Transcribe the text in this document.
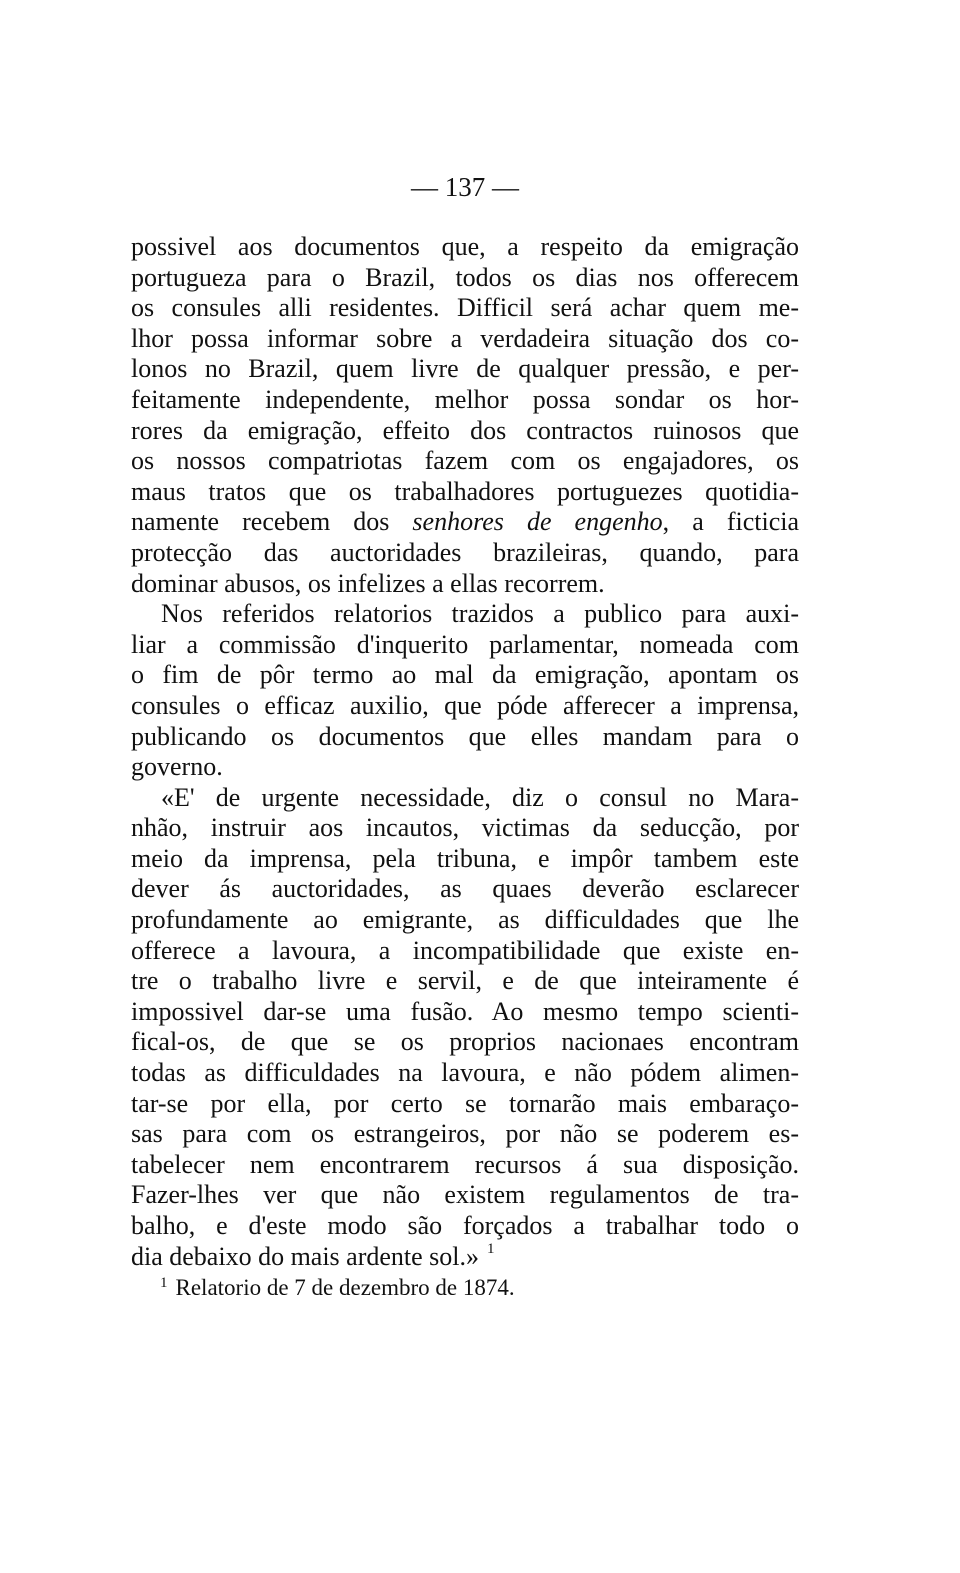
— 137 —
possivel aos documentos que, a respeito da emigração
portugueza para o Brazil, todos os dias nos offerecem
os consules alli residentes. Difficil será achar quem me-
lhor possa informar sobre a verdadeira situação dos co-
lonos no Brazil, quem livre de qualquer pressão, e per-
feitamente independente, melhor possa sondar os hor-
rores da emigração, effeito dos contractos ruinosos que
os nossos compatriotas fazem com os engajadores, os
maus tratos que os trabalhadores portuguezes quotidia-
namente recebem dos senhores de engenho, a ficticia
protecção das auctoridades brazileiras, quando, para
dominar abusos, os infelizes a ellas recorrem.
Nos referidos relatorios trazidos a publico para auxi-
liar a commissão d'inquerito parlamentar, nomeada com
o fim de pôr termo ao mal da emigração, apontam os
consules o efficaz auxilio, que póde afferecer a imprensa,
publicando os documentos que elles mandam para o
governo.
«E' de urgente necessidade, diz o consul no Mara-
nhão, instruir aos incautos, victimas da seducção, por
meio da imprensa, pela tribuna, e impôr tambem este
dever ás auctoridades, as quaes deverão esclarecer
profundamente ao emigrante, as difficuldades que lhe
offerece a lavoura, a incompatibilidade que existe en-
tre o trabalho livre e servil, e de que inteiramente é
impossivel dar-se uma fusão. Ao mesmo tempo scienti-
fical-os, de que se os proprios nacionaes encontram
todas as difficuldades na lavoura, e não pódem alimen-
tar-se por ella, por certo se tornarão mais embaraço-
sas para com os estrangeiros, por não se poderem es-
tabelecer nem encontrarem recursos á sua disposição.
Fazer-lhes ver que não existem regulamentos de tra-
balho, e d'este modo são forçados a trabalhar todo o
dia debaixo do mais ardente sol.» $^1$
$^1$ Relatorio de 7 de dezembro de 1874.
